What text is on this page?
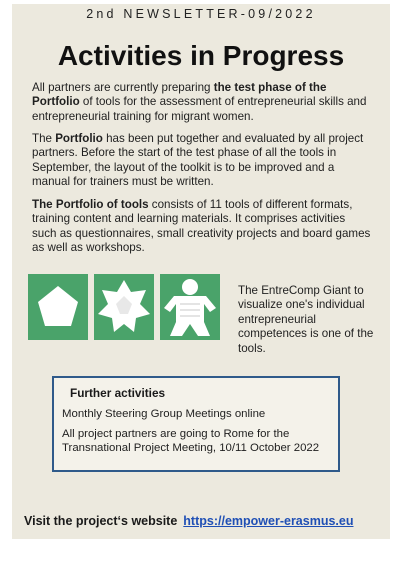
2nd NEWSLETTER-09/2022
Activities in Progress
All partners are currently preparing the test phase of the Portfolio of tools for the assessment of entrepreneurial skills and entrepreneurial training for migrant women.
The Portfolio has been put together and evaluated by all project partners. Before the start of the test phase of all the tools in September, the layout of the toolkit is to be improved and a manual for trainers must be written.
The Portfolio of tools consists of 11 tools of different formats, training content and learning materials. It comprises activities such as questionnaires, small creativity projects and board games as well as workshops.
The EntreComp Giant to visualize one's individual entrepreneurial competences is one of the tools.
Further activities

Monthly Steering Group Meetings online

All project partners are going to Rome for the Transnational Project Meeting, 10/11 October 2022

Visit the project‘s website https://empower-erasmus.eu
